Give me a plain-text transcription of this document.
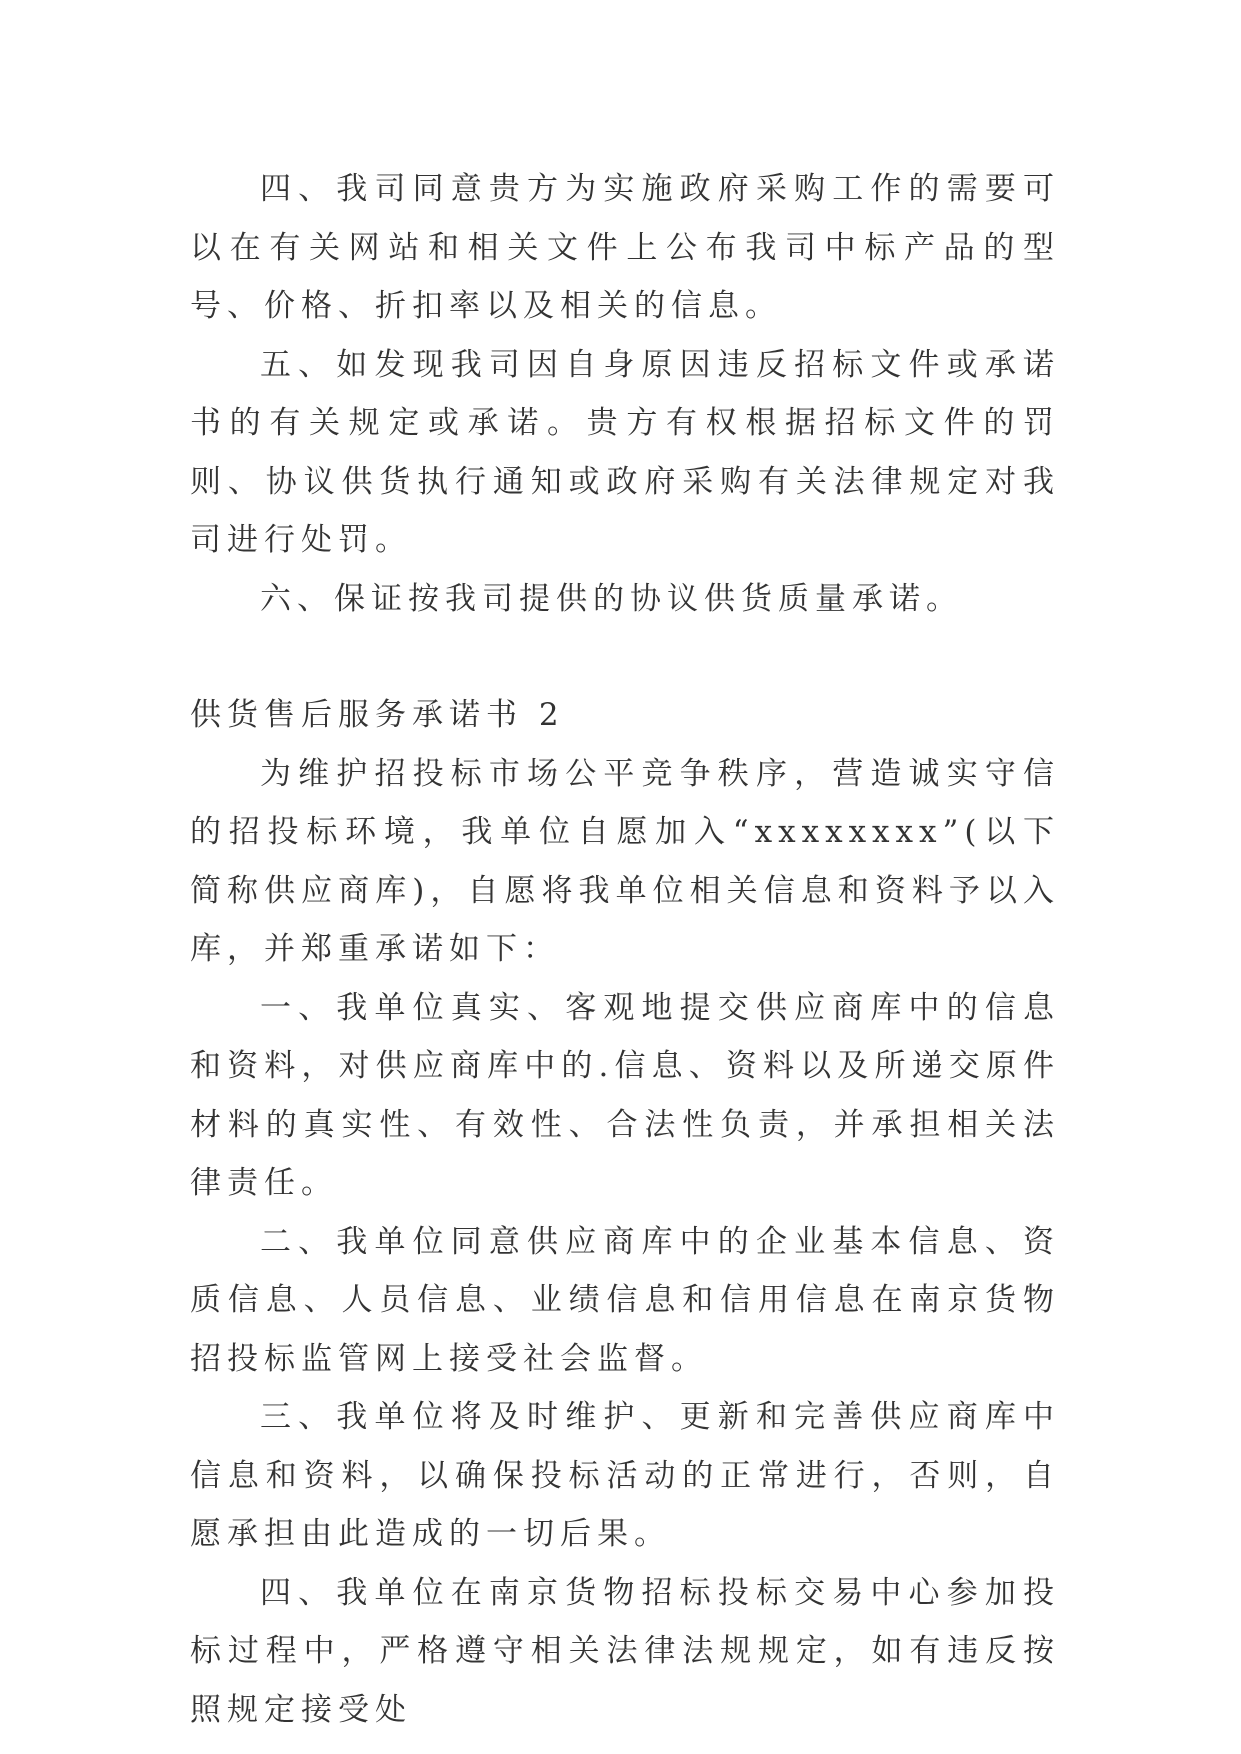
四、我司同意贵方为实施政府采购工作的需要可以在有关网站和相关文件上公布我司中标产品的型号、价格、折扣率以及相关的信息。

五、如发现我司因自身原因违反招标文件或承诺书的有关规定或承诺。贵方有权根据招标文件的罚则、协议供货执行通知或政府采购有关法律规定对我司进行处罚。

六、保证按我司提供的协议供货质量承诺。

供货售后服务承诺书 2

为维护招投标市场公平竞争秩序，营造诚实守信的招投标环境，我单位自愿加入“xxxxxxxx”(以下简称供应商库)，自愿将我单位相关信息和资料予以入库，并郑重承诺如下：

一、我单位真实、客观地提交供应商库中的信息和资料，对供应商库中的.信息、资料以及所递交原件材料的真实性、有效性、合法性负责，并承担相关法律责任。

二、我单位同意供应商库中的企业基本信息、资质信息、人员信息、业绩信息和信用信息在南京货物招投标监管网上接受社会监督。

三、我单位将及时维护、更新和完善供应商库中信息和资料，以确保投标活动的正常进行，否则，自愿承担由此造成的一切后果。

四、我单位在南京货物招标投标交易中心参加投标过程中，严格遵守相关法律法规规定，如有违反按照规定接受处
